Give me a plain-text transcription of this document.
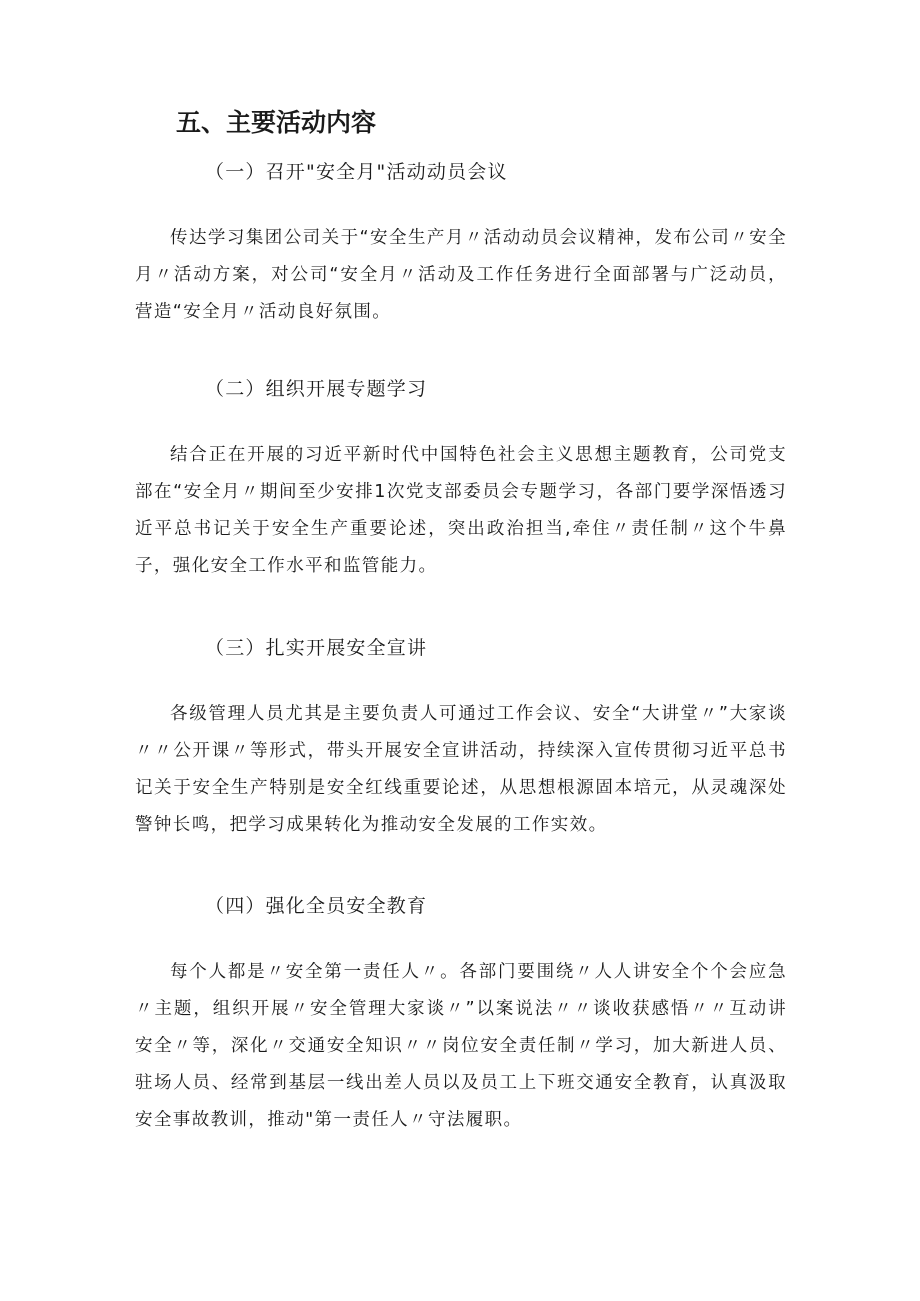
五、主要活动内容
（一）召开"安全月"活动动员会议

传达学习集团公司关于“安全生产月〃活动动员会议精神，发布公司〃安全月〃活动方案，对公司“安全月〃活动及工作任务进行全面部署与广泛动员，营造“安全月〃活动良好氛围。

（二）组织开展专题学习

结合正在开展的习近平新时代中国特色社会主义思想主题教育，公司党支部在“安全月〃期间至少安排1次党支部委员会专题学习，各部门要学深悟透习近平总书记关于安全生产重要论述，突出政治担当,牵住〃责任制〃这个牛鼻子，强化安全工作水平和监管能力。

（三）扎实开展安全宣讲

各级管理人员尤其是主要负责人可通过工作会议、安全“大讲堂〃”大家谈〃〃公开课〃等形式，带头开展安全宣讲活动，持续深入宣传贯彻习近平总书记关于安全生产特别是安全红线重要论述，从思想根源固本培元，从灵魂深处警钟长鸣，把学习成果转化为推动安全发展的工作实效。

（四）强化全员安全教育

每个人都是〃安全第一责任人〃。各部门要围绕〃人人讲安全个个会应急〃主题，组织开展〃安全管理大家谈〃”以案说法〃〃谈收获感悟〃〃互动讲安全〃等，深化〃交通安全知识〃〃岗位安全责任制〃学习，加大新进人员、驻场人员、经常到基层一线出差人员以及员工上下班交通安全教育，认真汲取安全事故教训，推动"第一责任人〃守法履职。
